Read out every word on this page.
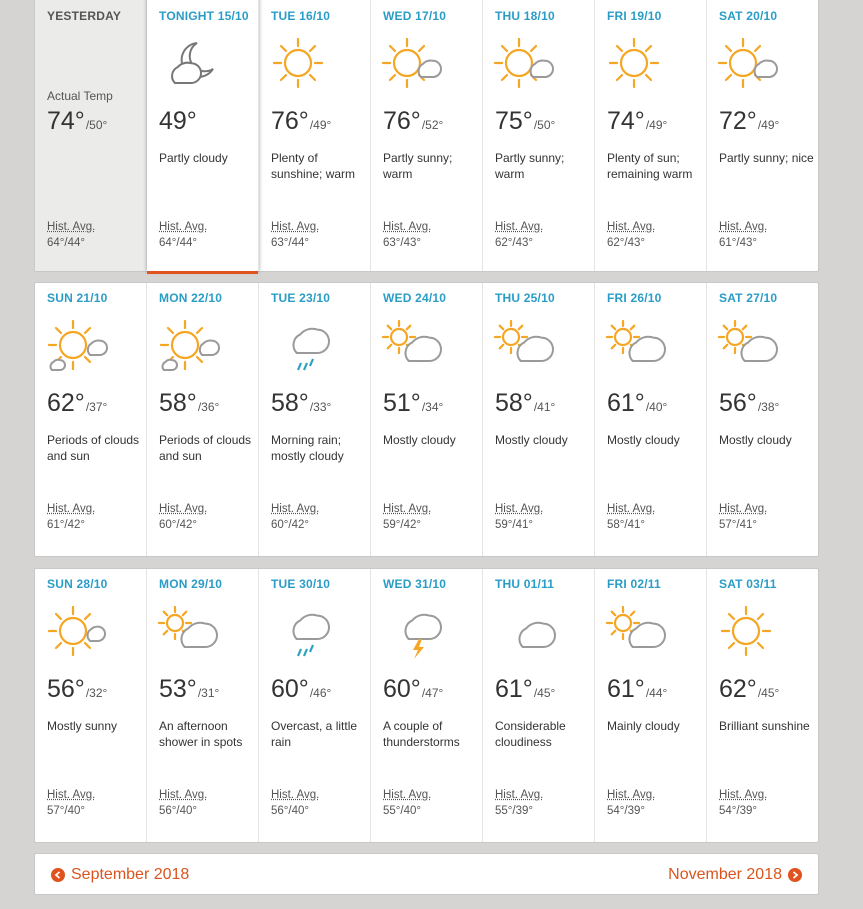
YESTERDAY
Actual Temp
74°/50°
Hist. Avg.
64°/44°
TONIGHT 15/10
49°
Partly cloudy
Hist. Avg.
64°/44°
TUE 16/10
76°/49°
Plenty of sunshine; warm
Hist. Avg.
63°/44°
WED 17/10
76°/52°
Partly sunny; warm
Hist. Avg.
63°/43°
THU 18/10
75°/50°
Partly sunny; warm
Hist. Avg.
62°/43°
FRI 19/10
74°/49°
Plenty of sun; remaining warm
Hist. Avg.
62°/43°
SAT 20/10
72°/49°
Partly sunny; nice
Hist. Avg.
61°/43°
SUN 21/10
62°/37°
Periods of clouds and sun
Hist. Avg.
61°/42°
MON 22/10
58°/36°
Periods of clouds and sun
Hist. Avg.
60°/42°
TUE 23/10
58°/33°
Morning rain; mostly cloudy
Hist. Avg.
60°/42°
WED 24/10
51°/34°
Mostly cloudy
Hist. Avg.
59°/42°
THU 25/10
58°/41°
Mostly cloudy
Hist. Avg.
59°/41°
FRI 26/10
61°/40°
Mostly cloudy
Hist. Avg.
58°/41°
SAT 27/10
56°/38°
Mostly cloudy
Hist. Avg.
57°/41°
SUN 28/10
56°/32°
Mostly sunny
Hist. Avg.
57°/40°
MON 29/10
53°/31°
An afternoon shower in spots
Hist. Avg.
56°/40°
TUE 30/10
60°/46°
Overcast, a little rain
Hist. Avg.
56°/40°
WED 31/10
60°/47°
A couple of thunderstorms
Hist. Avg.
55°/40°
THU 01/11
61°/45°
Considerable cloudiness
Hist. Avg.
55°/39°
FRI 02/11
61°/44°
Mainly cloudy
Hist. Avg.
54°/39°
SAT 03/11
62°/45°
Brilliant sunshine
Hist. Avg.
54°/39°
September 2018	November 2018
